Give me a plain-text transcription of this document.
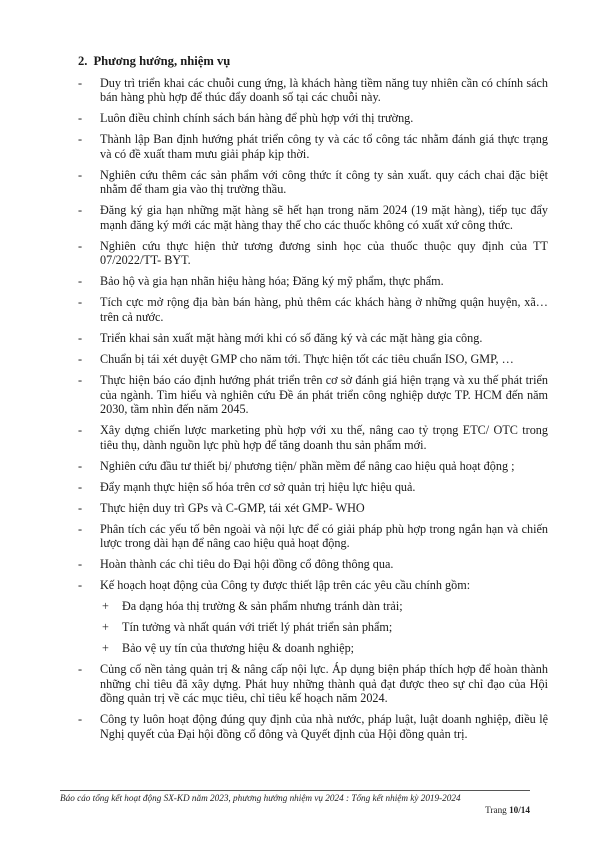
2. Phương hướng, nhiệm vụ
- Duy trì triển khai các chuỗi cung ứng, là khách hàng tiềm năng tuy nhiên cần có chính sách bán hàng phù hợp để thúc đẩy doanh số tại các chuỗi này.
- Luôn điều chỉnh chính sách bán hàng để phù hợp với thị trường.
- Thành lập Ban định hướng phát triển công ty và các tổ công tác nhằm đánh giá thực trạng và có đề xuất tham mưu giải pháp kịp thời.
- Nghiên cứu thêm các sản phẩm với công thức ít công ty sản xuất. quy cách chai đặc biệt nhằm để tham gia vào thị trường thầu.
- Đăng ký gia hạn những mặt hàng sẽ hết hạn trong năm 2024 (19 mặt hàng), tiếp tục đẩy mạnh đăng ký mới các mặt hàng thay thế cho các thuốc không có xuất xứ công thức.
- Nghiên cứu thực hiện thử tương đương sinh học của thuốc thuộc quy định của TT 07/2022/TT- BYT.
- Bảo hộ và gia hạn nhãn hiệu hàng hóa; Đăng ký mỹ phẩm, thực phẩm.
- Tích cực mở rộng địa bàn bán hàng, phủ thêm các khách hàng ở những quận huyện, xã…trên cả nước.
- Triển khai sản xuất mặt hàng mới khi có số đăng ký và các mặt hàng gia công.
- Chuẩn bị tái xét duyệt GMP cho năm tới. Thực hiện tốt các tiêu chuẩn ISO, GMP, …
- Thực hiện báo cáo định hướng phát triển trên cơ sở đánh giá hiện trạng và xu thế phát triển của ngành. Tìm hiểu và nghiên cứu Đề án phát triển công nghiệp dược TP. HCM đến năm 2030, tầm nhìn đến năm 2045.
- Xây dựng chiến lược marketing phù hợp với xu thế, nâng cao tỷ trọng ETC/ OTC trong tiêu thụ, dành nguồn lực phù hợp để tăng doanh thu sản phẩm mới.
- Nghiên cứu đầu tư thiết bị/ phương tiện/ phần mềm để nâng cao hiệu quả hoạt động ;
- Đẩy mạnh thực hiện số hóa trên cơ sở quản trị hiệu lực hiệu quả.
- Thực hiện duy trì GPs và C-GMP, tái xét GMP- WHO
- Phân tích các yếu tố bên ngoài và nội lực để có giải pháp phù hợp trong ngắn hạn và chiến lược trong dài hạn để nâng cao hiệu quả hoạt động.
- Hoàn thành các chỉ tiêu do Đại hội đồng cổ đông thông qua.
- Kế hoạch hoạt động của Công ty được thiết lập trên các yêu cầu chính gồm:
+ Đa dạng hóa thị trường & sản phẩm nhưng tránh dàn trải;
+ Tín tưởng và nhất quán với triết lý phát triển sản phẩm;
+ Bảo vệ uy tín của thương hiệu & doanh nghiệp;
- Củng cố nền tảng quản trị & nâng cấp nội lực. Áp dụng biện pháp thích hợp để hoàn thành những chỉ tiêu đã xây dựng. Phát huy những thành quả đạt được theo sự chỉ đạo của Hội đồng quản trị về các mục tiêu, chỉ tiêu kế hoạch năm 2024.
- Công ty luôn hoạt động đúng quy định của nhà nước, pháp luật, luật doanh nghiệp, điều lệ Nghị quyết của Đại hội đồng cổ đông và Quyết định của Hội đồng quản trị.
Báo cáo tổng kết hoạt động SX-KD năm 2023, phương hướng nhiệm vụ 2024 : Tổng kết nhiệm kỳ 2019-2024
Trang 10/14
